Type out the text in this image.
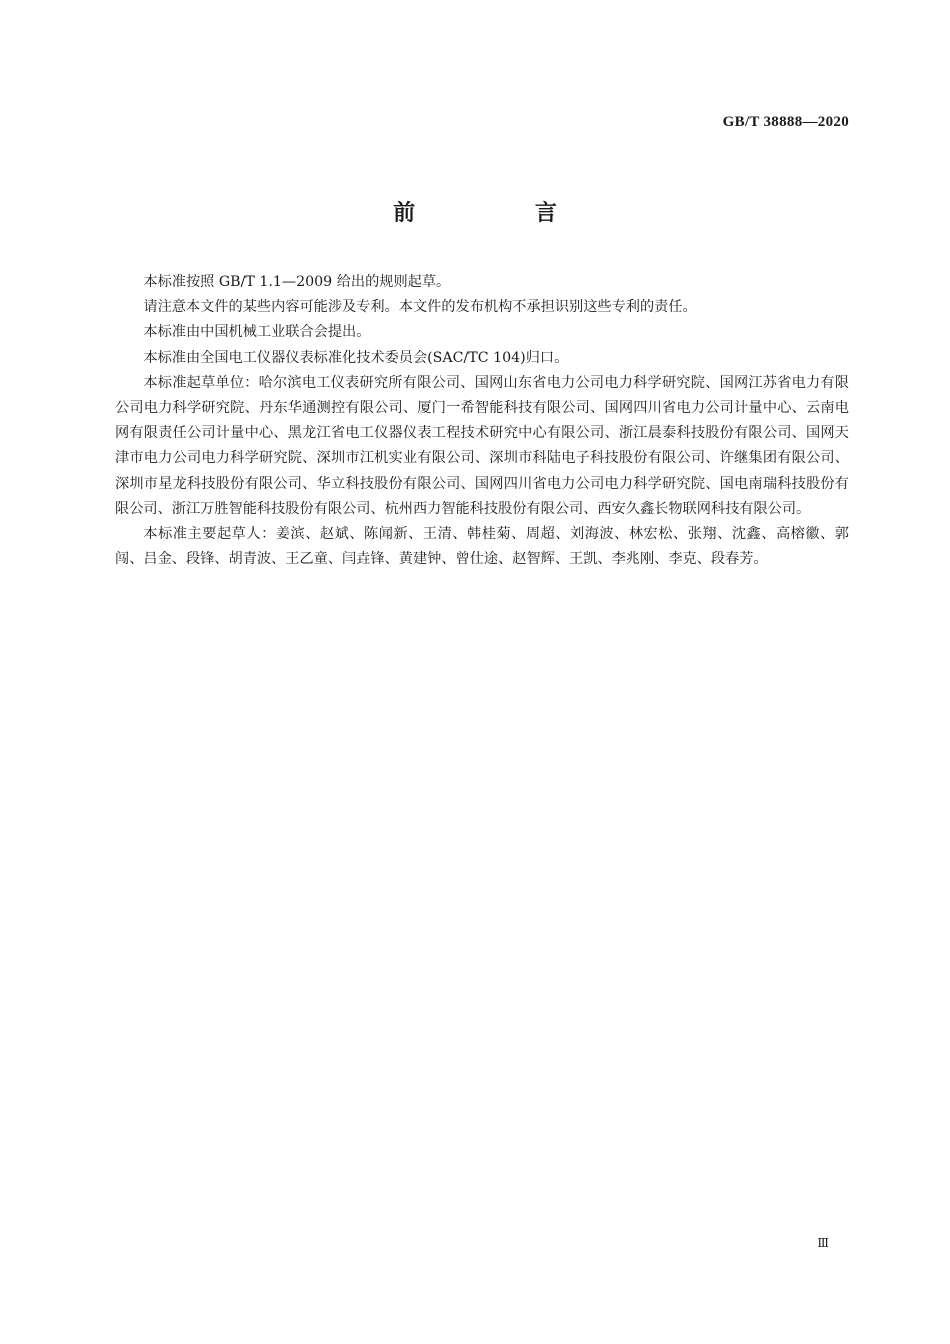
GB/T 38888—2020
前 言

本标准按照 GB/T 1.1—2009 给出的规则起草。

请注意本文件的某些内容可能涉及专利。本文件的发布机构不承担识别这些专利的责任。

本标准由中国机械工业联合会提出。

本标准由全国电工仪器仪表标准化技术委员会(SAC/TC 104)归口。

本标准起草单位：哈尔滨电工仪表研究所有限公司、国网山东省电力公司电力科学研究院、国网江苏省电力有限公司电力科学研究院、丹东华通测控有限公司、厦门一希智能科技有限公司、国网四川省电力公司计量中心、云南电网有限责任公司计量中心、黑龙江省电工仪器仪表工程技术研究中心有限公司、浙江晨泰科技股份有限公司、国网天津市电力公司电力科学研究院、深圳市江机实业有限公司、深圳市科陆电子科技股份有限公司、许继集团有限公司、深圳市星龙科技股份有限公司、华立科技股份有限公司、国网四川省电力公司电力科学研究院、国电南瑞科技股份有限公司、浙江万胜智能科技股份有限公司、杭州西力智能科技股份有限公司、西安久鑫长物联网科技有限公司。

本标准主要起草人：姜滨、赵斌、陈闻新、王清、韩桂菊、周超、刘海波、林宏松、张翔、沈鑫、高榕徽、郭闯、吕金、段锋、胡青波、王乙童、闫垚锋、黄建钟、曾仕途、赵智辉、王凯、李兆刚、李克、段春芳。

Ⅲ
